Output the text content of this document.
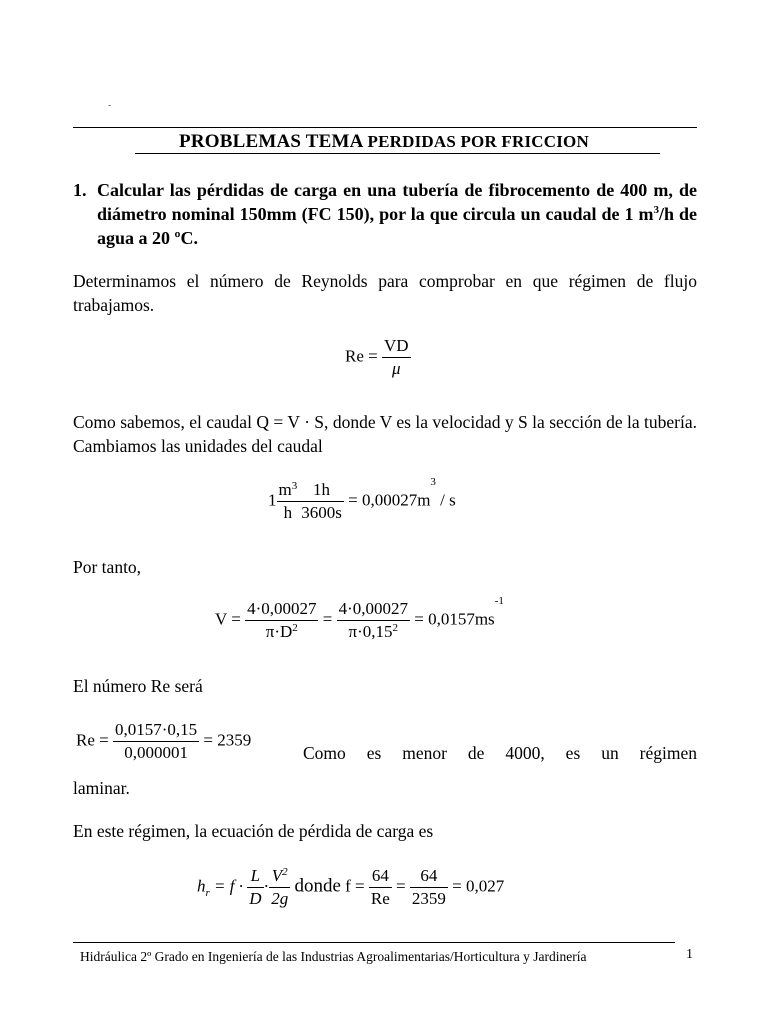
-
PROBLEMAS TEMA PERDIDAS POR FRICCION
1. Calcular las pérdidas de carga en una tubería de fibrocemento de 400 m, de diámetro nominal 150mm (FC 150), por la que circula un caudal de 1 $m^3/h$ de agua a 20 ºC.
Determinamos el número de Reynolds para comprobar en que régimen de flujo trabajamos.
$Re = \frac{VD}{\mu}$
Como sabemos, el caudal Q = V · S, donde V es la velocidad y S la sección de la tubería. Cambiamos las unidades del caudal
$1 \frac{m^3}{h} \frac{1h}{3600s} = 0,00027m^3 / s$
Por tanto,
$V = \frac{4\cdot 0,00027}{\pi\cdot D^2} = \frac{4\cdot 0,00027}{\pi\cdot 0,15^2} = 0,0157ms^{-1}$
El número Re será
$Re = \frac{0,0157\cdot 0,15}{0,000001} = 2359$
Como es menor de 4000, es un régimen
laminar.
En este régimen, la ecuación de pérdida de carga es
$h_r = f \cdot \frac{L}{D} \cdot \frac{V^2}{2g}$ donde $f = \frac{64}{Re} = \frac{64}{2359} = 0,027$
Hidráulica 2º Grado en Ingeniería de las Industrias Agroalimentarias/Horticultura y Jardinería	1
